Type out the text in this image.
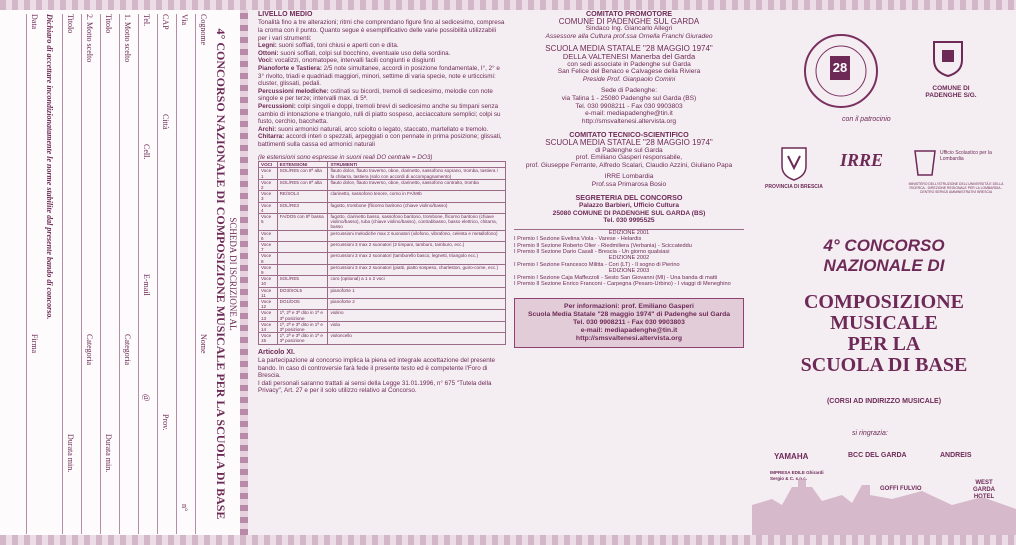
SCHEDA DI ISCRIZIONE AL
4° CONCORSO NAZIONALE DI COMPOSIZIONE MUSICALE PER LA SCUOLA DI BASE
Cognome
Nome
Via
n°
CAP
Città
Prov.
Tel.
Cell.
E-mail
@
1. Motto scelto
Categoria
Titolo
Durata min.
2. Motto scelto
Categoria
Titolo
Durata min.
Dichiaro di accettare incondizionatamente le norme stabilite dal presente bando di concorso.
Data
Firma
LIVELLO MEDIO
Tonalità fino a tre alterazioni; ritmi che comprendano figure fino al sedicesimo, compresa la croma con il punto. Quanto segue è esemplificativo delle varie possibilità utilizzabili per i vari strumenti:
Legni: suoni soffiati, toni chiusi e aperti con e dita.
Ottoni: suoni soffiati, colpi sul bocchino, eventuale uso della sordina.
Voci: vocalizzi, onomatopee, intervalli facili congiunti e disgiunti
Pianoforte e Tastiera: 2/5 note simultanee, accordi in posizione fondamentale, I°, 2° e 3° rivolto, triadi e quadriadi maggiori, minori, settime di varia specie, note e urticcismi: cluster, glissati, pedali.
Percussioni melodiche: ostinati su bicordi, tremoli di sedicesimo, melodie con note singole e per terze; intervalli max. di 5ª.
Percussioni: colpi singoli e doppi, tremoli brevi di sedicesimo anche su timpani senza cambio di intonazione e triangolo, rulli di piatto sospeso, acciaccature semplici; colpi su fusto, cerchio, bacchetta.
Archi: suoni armonici naturali, arco sciolto o legato, staccato, martellato e tremolo.
Chitarra: accordi interi o spezzati, arpeggiati o con pennate in prima posizione; glissati, battimenti sulla cassa ed armonici naturali
(le estensioni sono espresse in suoni reali DO centrale = DO3)
VOCI	ESTENSIONI	STRUMENTI
Voce 1	SOL/RE5 con 8ª alta	flauto dolce, flauto traverso, oboe, clarinetto, sassofono soprano, tromba, tastiera / fa chitarra, tastiera (solo con accordi di accompagnamento)
Voce 2	SOL/RE5 con 8ª alta	flauto dolce, flauto traverso, oboe, clarinetto, sassofono contralto, tromba
Voce 3	RE/SOL4	clarinetto, sassofono tenore, corno in FA/MIb
Voce 4	SOL/RE3	fagotto, trombone (flicorno baritono (chiave violino/basso)
Voce 5	FA/DO5 con 8ª bassa	fagotto, clarinetto basso, sassofono baritono, trombone, flicorno baritono (chiave violino/basso), tuba (chiave violino/basso), contrabbasso, basso elettrico, chitarra, basso
Voce 6		percussioni melodiche max 2 suonatori (xilofono, vibrafono, celesta e metallofono)
Voce 7		percussioni 3 max 2 suonatori (2 timpani, tamburo, tamburo, ecc.)
Voce 8		percussioni 3 max 2 suonatori (tamburello basco, legnetti, triangolo ecc.)
Voce 9		percussioni 3 max 2 suonatori (piatti, piatto sospeso, charleston, guiro-come, ecc.)
Voce 10	SOL/RE5	coro (optional) a 1 o 2 voci
Voce 11	DO3/SOL5	pianoforte 1
Voce 12	DO1/DO5	pianoforte 2
Voce 13	1ª, 2ª e 3ª dito in 1ª e 3ª posizione	violino
Voce 14	1ª, 2ª e 3ª dito in 1ª e 3ª posizione	viola
Voce 15	1ª, 2ª e 3ª dito in 1ª e 3ª posizione	violoncello
Articolo XI.
La partecipazione al concorso implica la piena ed integrale accettazione del presente bando. In caso di controversie farà fede il presente testo ed è competente l'Foro di Brescia.
I dati personali saranno trattati ai sensi della Legge 31.01.1996, n° 675 "Tutela della Privacy", Art. 27 e per il solo utilizzo relativo al Concorso.
COMITATO PROMOTORE
COMUNE DI PADENGHE SUL GARDA
Sindaco Ing. Giancarlo Allegri
Assessore alla Cultura prof.ssa Ornella Franchi Giuradeo
SCUOLA MEDIA STATALE "28 MAGGIO 1974"
DELLA VALTENESI Manerba del Garda
con sedi associate in Padenghe sul Garda
San Felice del Benaco e Calvagese della Riviera
Preside Prof. Gianpaolo Comini
Sede di Padenghe:
via Talina 1 - 25080 Padenghe sul Garda (BS)
Tel. 030 9908211 - Fax 030 9903803
e-mail: mediapadenghe@tin.it
http://smsvaltenesi.altervista.org
COMITATO TECNICO-SCIENTIFICO
SCUOLA MEDIA STATALE "28 MAGGIO 1974"
di Padenghe sul Garda
prof. Emiliano Gasperi responsabile,
prof. Giuseppe Ferrante, Alfredo Scalari, Claudio Azzini, Giuliano Papa
IRRE Lombardia
Prof.ssa Primarosa Bosio
SEGRETERIA DEL CONCORSO
Palazzo Barbieri, Ufficio Cultura
25080 COMUNE DI PADENGHE SUL GARDA (BS)
Tel. 030 9995525
EDIZIONE 2001
I Premio I Sezione Evelina Viola - Varese - Helardis
I Premio II Sezione Roberto Olier - Riedmiliera (Verbania) - Sciccateddu
I Premio II Sezione Dario Casali - Brescia - Un giorno qualsiasi
EDIZIONE 2002
I Premio I Sezione Francesco Militta - Cori (LT) - Il sogno di Pierino
EDIZIONE 2003
I Premio I Sezione Caja Maffezzoli - Sesto San Giovanni (MI) - Una banda di matti
I Premio II Sezione Enrico Franconi - Carpegna (Pesaro-Urbino) - I viaggi di Meneghino
Per informazioni: prof. Emiliano Gasperi
Scuola Media Statale "28 maggio 1974" di Padenghe sul Garda
Tel. 030 9908211 - Fax 030 9903803
e-mail: mediapadenghe@tin.it
http://smsvaltenesi.altervista.org
28
SCUOLA MEDIA STATALE 28 MAGGIO 1974 DELLA VALTENESI
COMUNE DI PADENGHE S/G.
con il patrocinio
PROVINCIA DI BRESCIA
IRRE	Ufficio Scolastico per la Lombardia
MINISTERO DELL'ISTRUZIONE DELL'UNIVERSITÀ E DELLA RICERCA - DIREZIONE REGIONALE PER LA LOMBARDIA - CENTRO SERVIZI AMMINISTRATIVI BRESCIA
4° CONCORSO
NAZIONALE DI
COMPOSIZIONE
MUSICALE
PER LA
SCUOLA DI BASE
(CORSI AD INDIRIZZO MUSICALE)
si ringrazia:
YAMAHA	BCC DEL GARDA	ANDREIS
IMPRESA EDILE Ghirardi Sergio & C. s.n.c.
GOFFI FULVIO
WEST GARDA HOTEL
